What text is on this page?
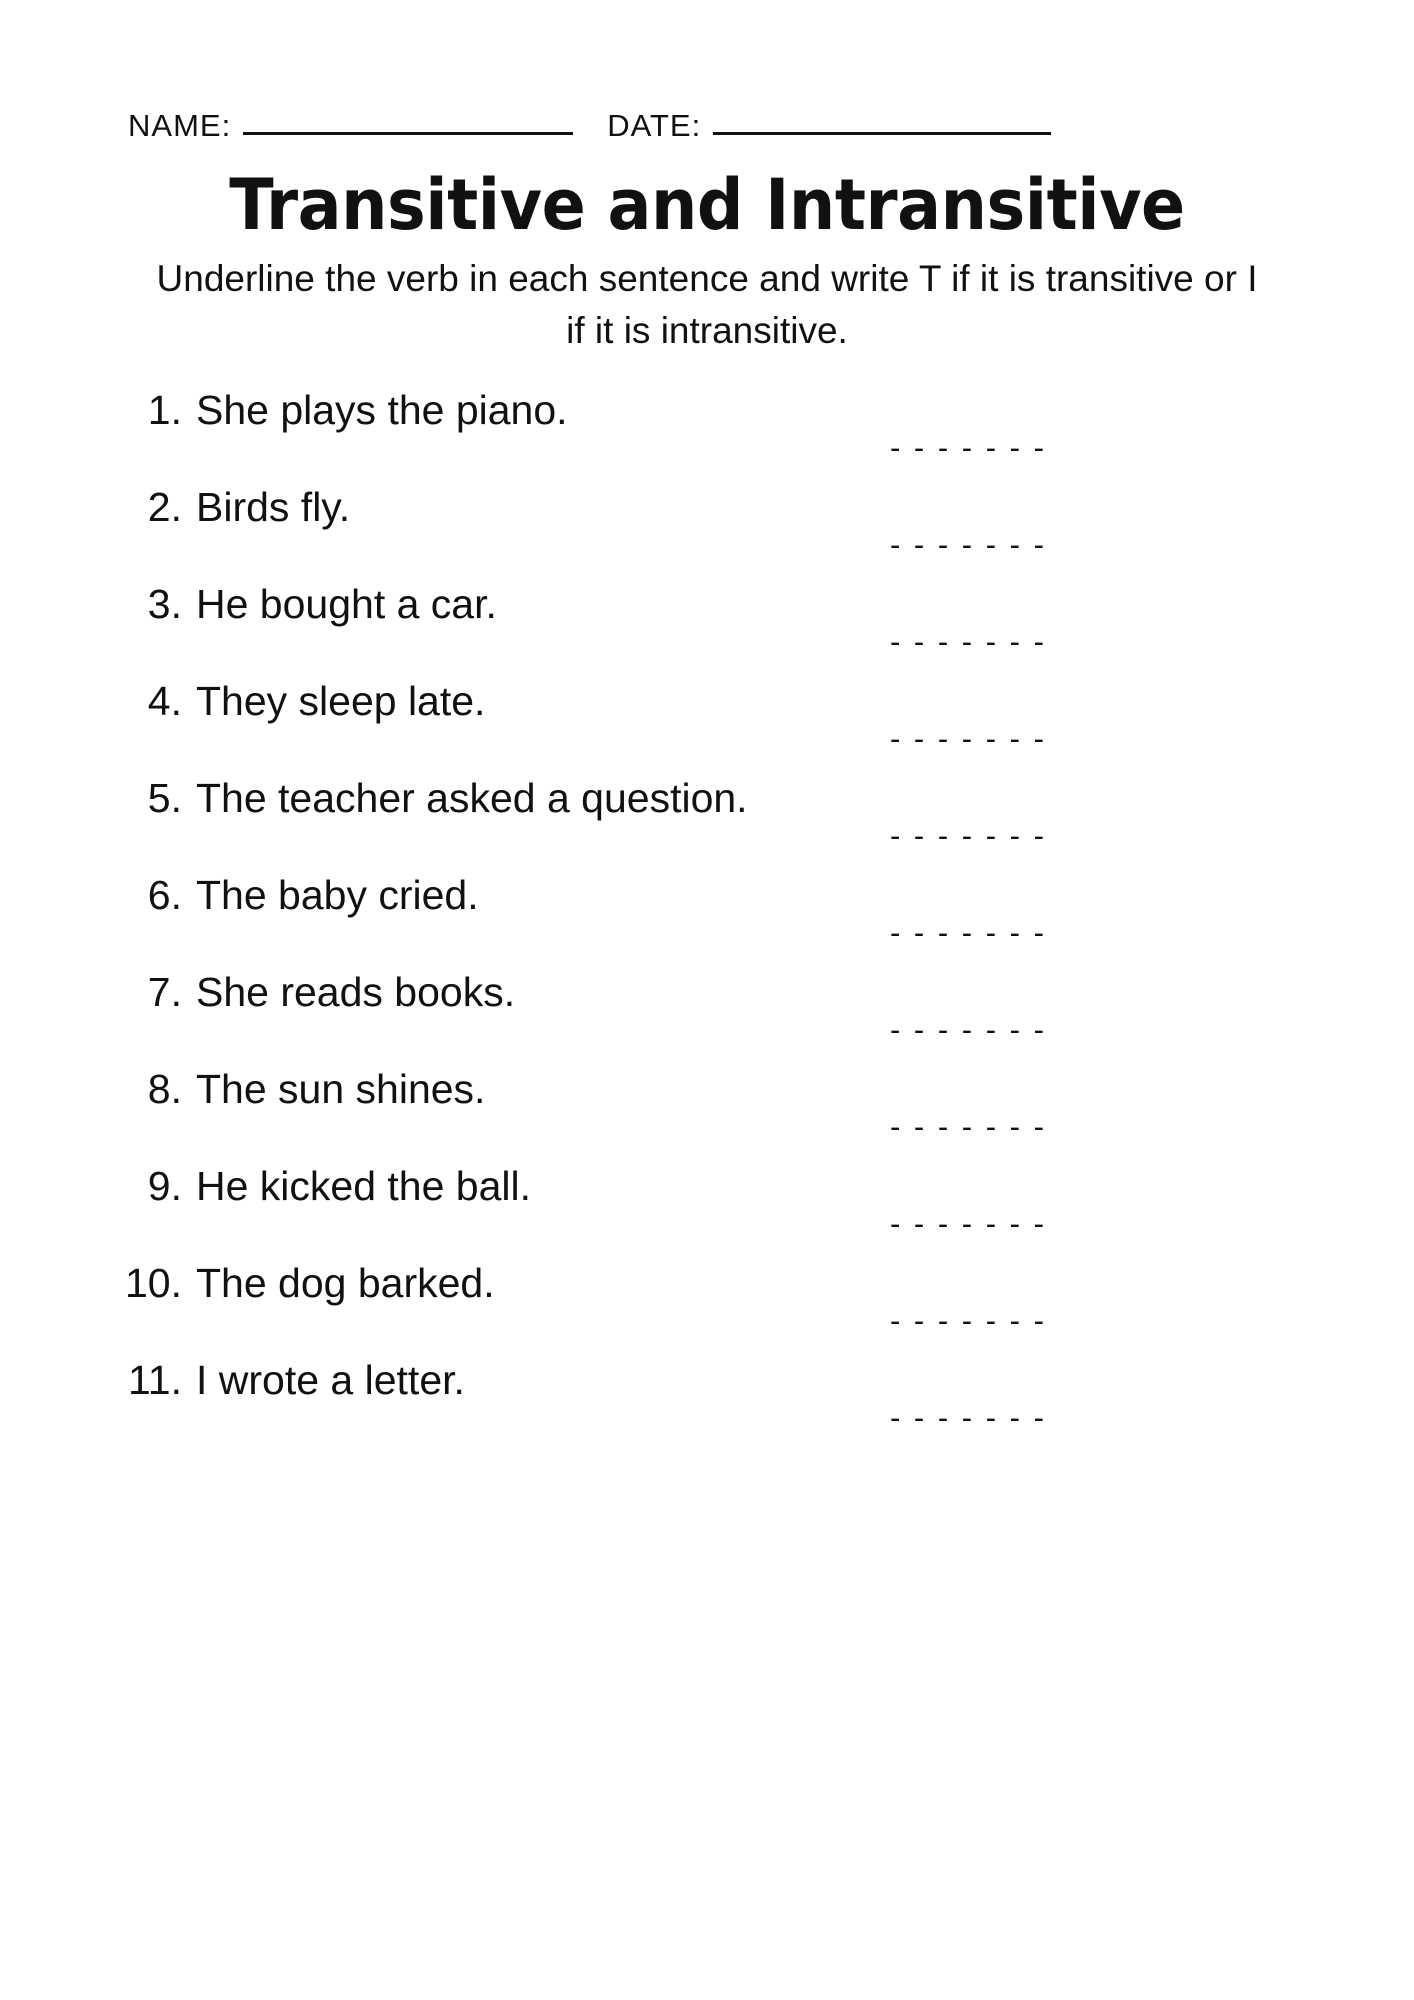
NAME:	DATE:
Transitive and Intransitive

Underline the verb in each sentence and write T if it is transitive or I if it is intransitive.

1. She plays the piano.
- - - - - - -
2. Birds fly.
- - - - - - -
3. He bought a car.
- - - - - - -
4. They sleep late.
- - - - - - -
5. The teacher asked a question.
- - - - - - -
6. The baby cried.
- - - - - - -
7. She reads books.
- - - - - - -
8. The sun shines.
- - - - - - -
9. He kicked the ball.
- - - - - - -
10. The dog barked.
- - - - - - -
11. I wrote a letter.
- - - - - - -
